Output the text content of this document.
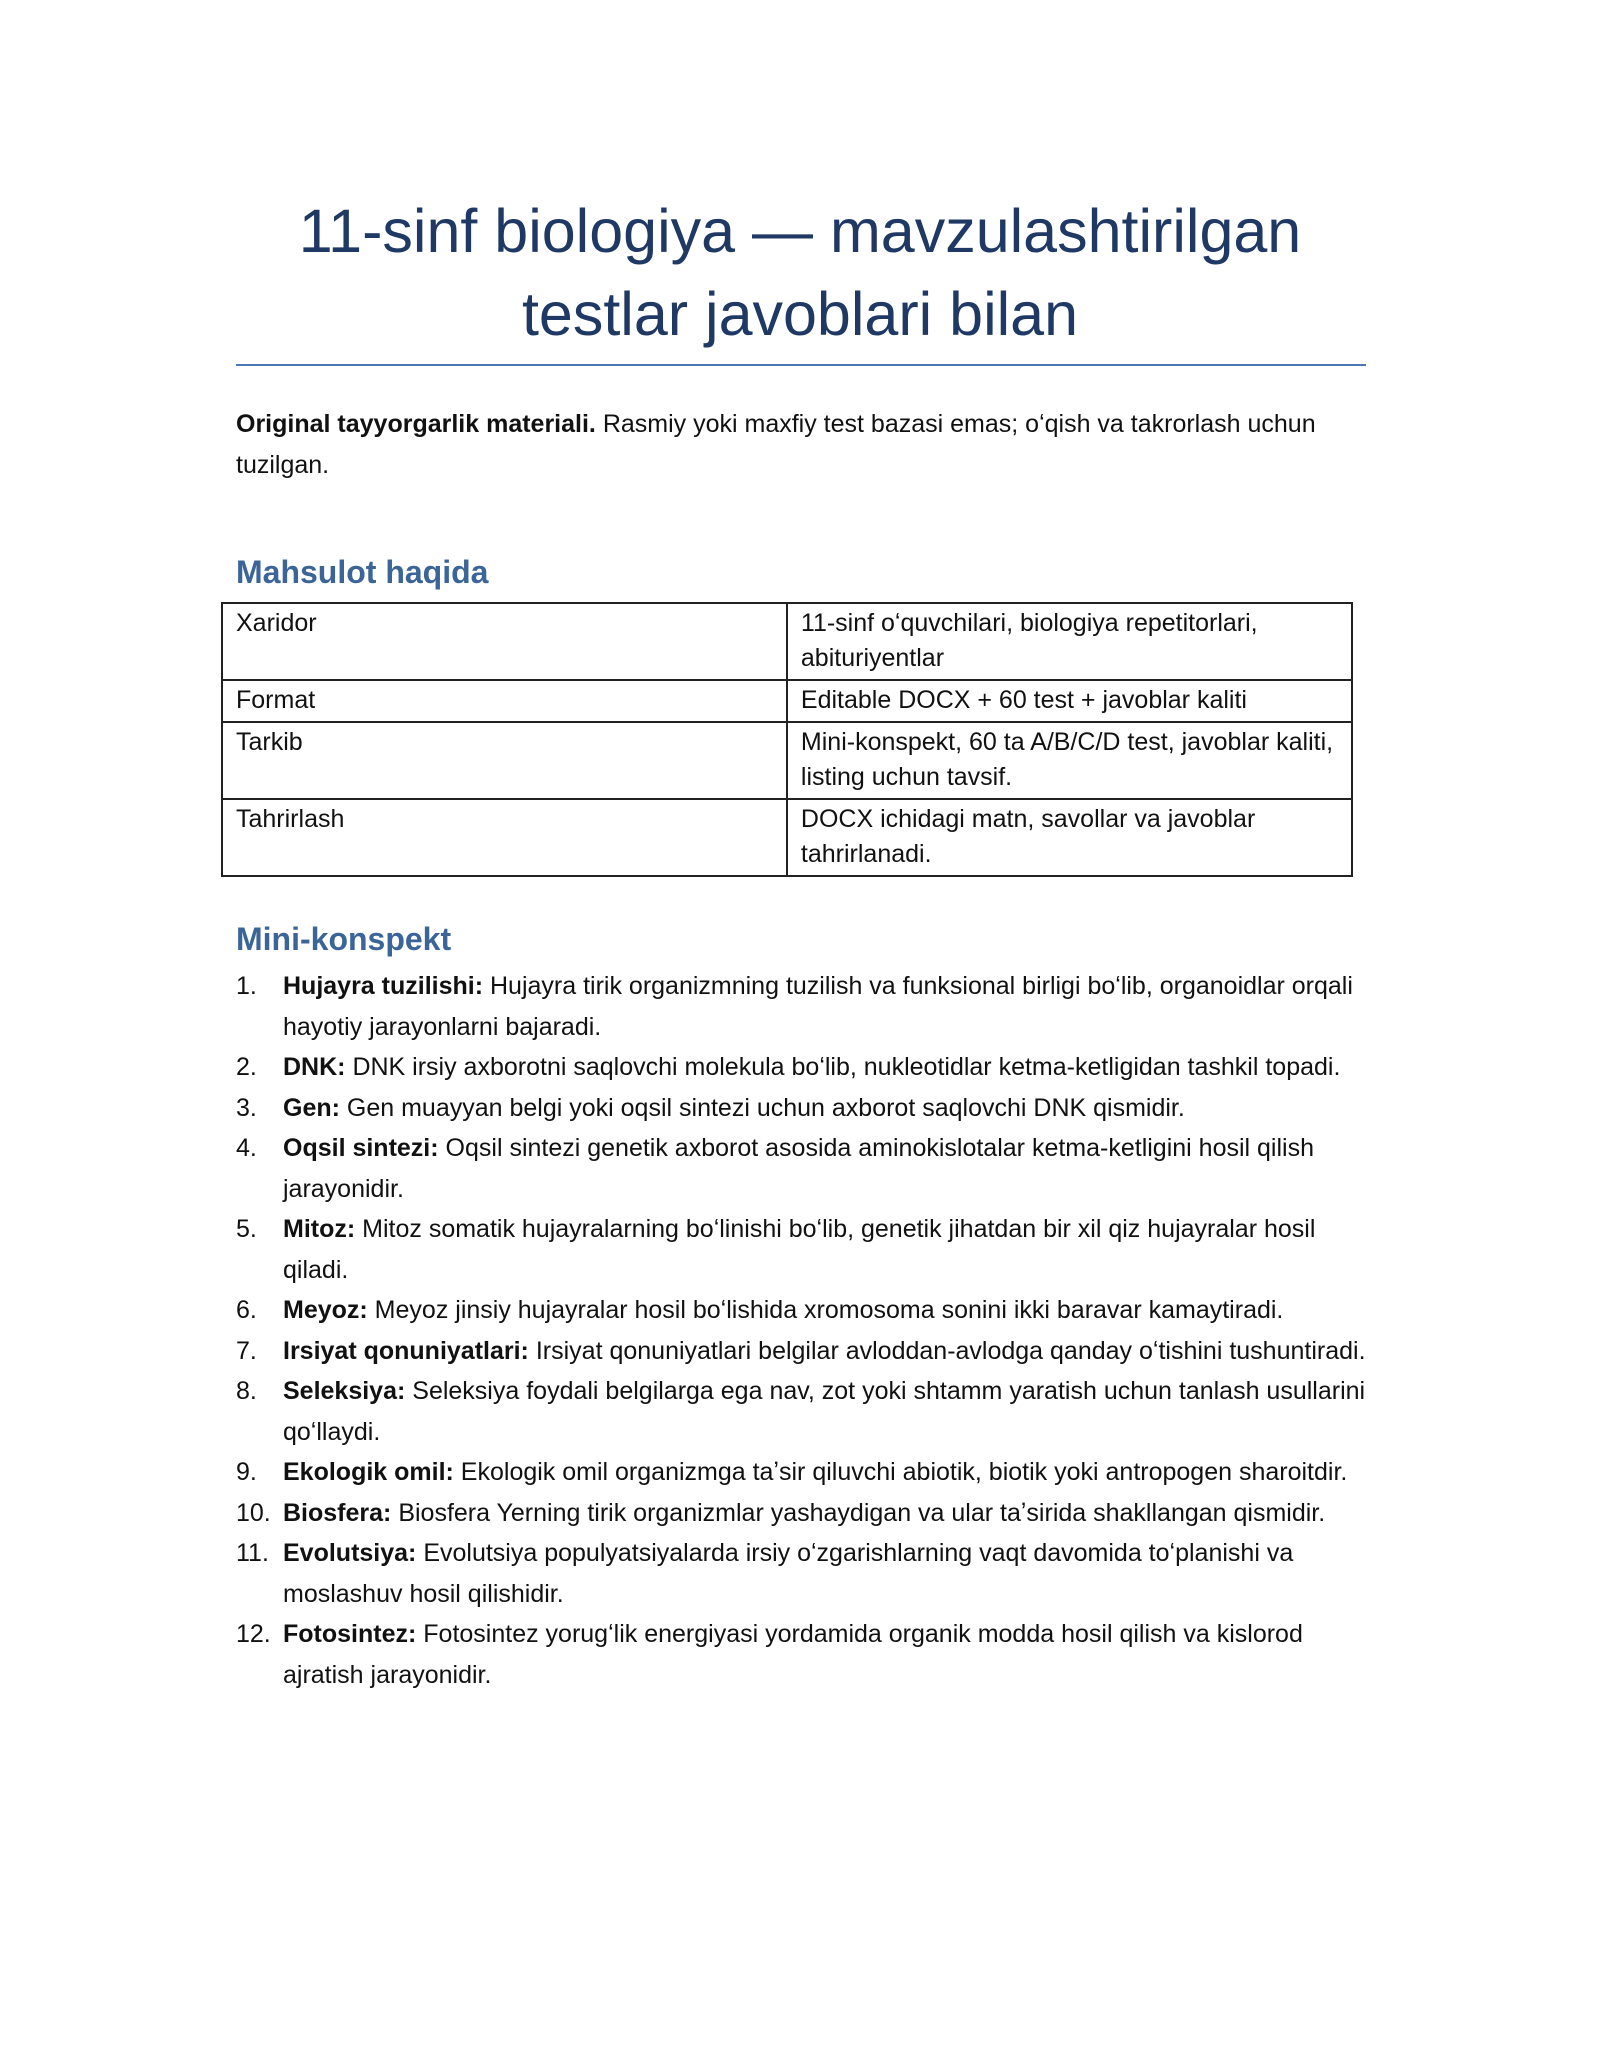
11-sinf biologiya — mavzulashtirilgan testlar javoblari bilan

Original tayyorgarlik materiali. Rasmiy yoki maxfiy test bazasi emas; oʻqish va takrorlash uchun tuzilgan.

Mahsulot haqida
Xaridor	11-sinf oʻquvchilari, biologiya repetitorlari, abituriyentlar
Format	Editable DOCX + 60 test + javoblar kaliti
Tarkib	Mini-konspekt, 60 ta A/B/C/D test, javoblar kaliti, listing uchun tavsif.
Tahrirlash	DOCX ichidagi matn, savollar va javoblar tahrirlanadi.
Mini-konspekt
1. Hujayra tuzilishi: Hujayra tirik organizmning tuzilish va funksional birligi boʻlib, organoidlar orqali hayotiy jarayonlarni bajaradi.
2. DNK: DNK irsiy axborotni saqlovchi molekula boʻlib, nukleotidlar ketma-ketligidan tashkil topadi.
3. Gen: Gen muayyan belgi yoki oqsil sintezi uchun axborot saqlovchi DNK qismidir.
4. Oqsil sintezi: Oqsil sintezi genetik axborot asosida aminokislotalar ketma-ketligini hosil qilish jarayonidir.
5. Mitoz: Mitoz somatik hujayralarning boʻlinishi boʻlib, genetik jihatdan bir xil qiz hujayralar hosil qiladi.
6. Meyoz: Meyoz jinsiy hujayralar hosil boʻlishida xromosoma sonini ikki baravar kamaytiradi.
7. Irsiyat qonuniyatlari: Irsiyat qonuniyatlari belgilar avloddan-avlodga qanday oʻtishini tushuntiradi.
8. Seleksiya: Seleksiya foydali belgilarga ega nav, zot yoki shtamm yaratish uchun tanlash usullarini qoʻllaydi.
9. Ekologik omil: Ekologik omil organizmga taʼsir qiluvchi abiotik, biotik yoki antropogen sharoitdir.
10. Biosfera: Biosfera Yerning tirik organizmlar yashaydigan va ular taʼsirida shakllangan qismidir.
11. Evolutsiya: Evolutsiya populyatsiyalarda irsiy oʻzgarishlarning vaqt davomida toʻplanishi va moslashuv hosil qilishidir.
12. Fotosintez: Fotosintez yorugʻlik energiyasi yordamida organik modda hosil qilish va kislorod ajratish jarayonidir.
